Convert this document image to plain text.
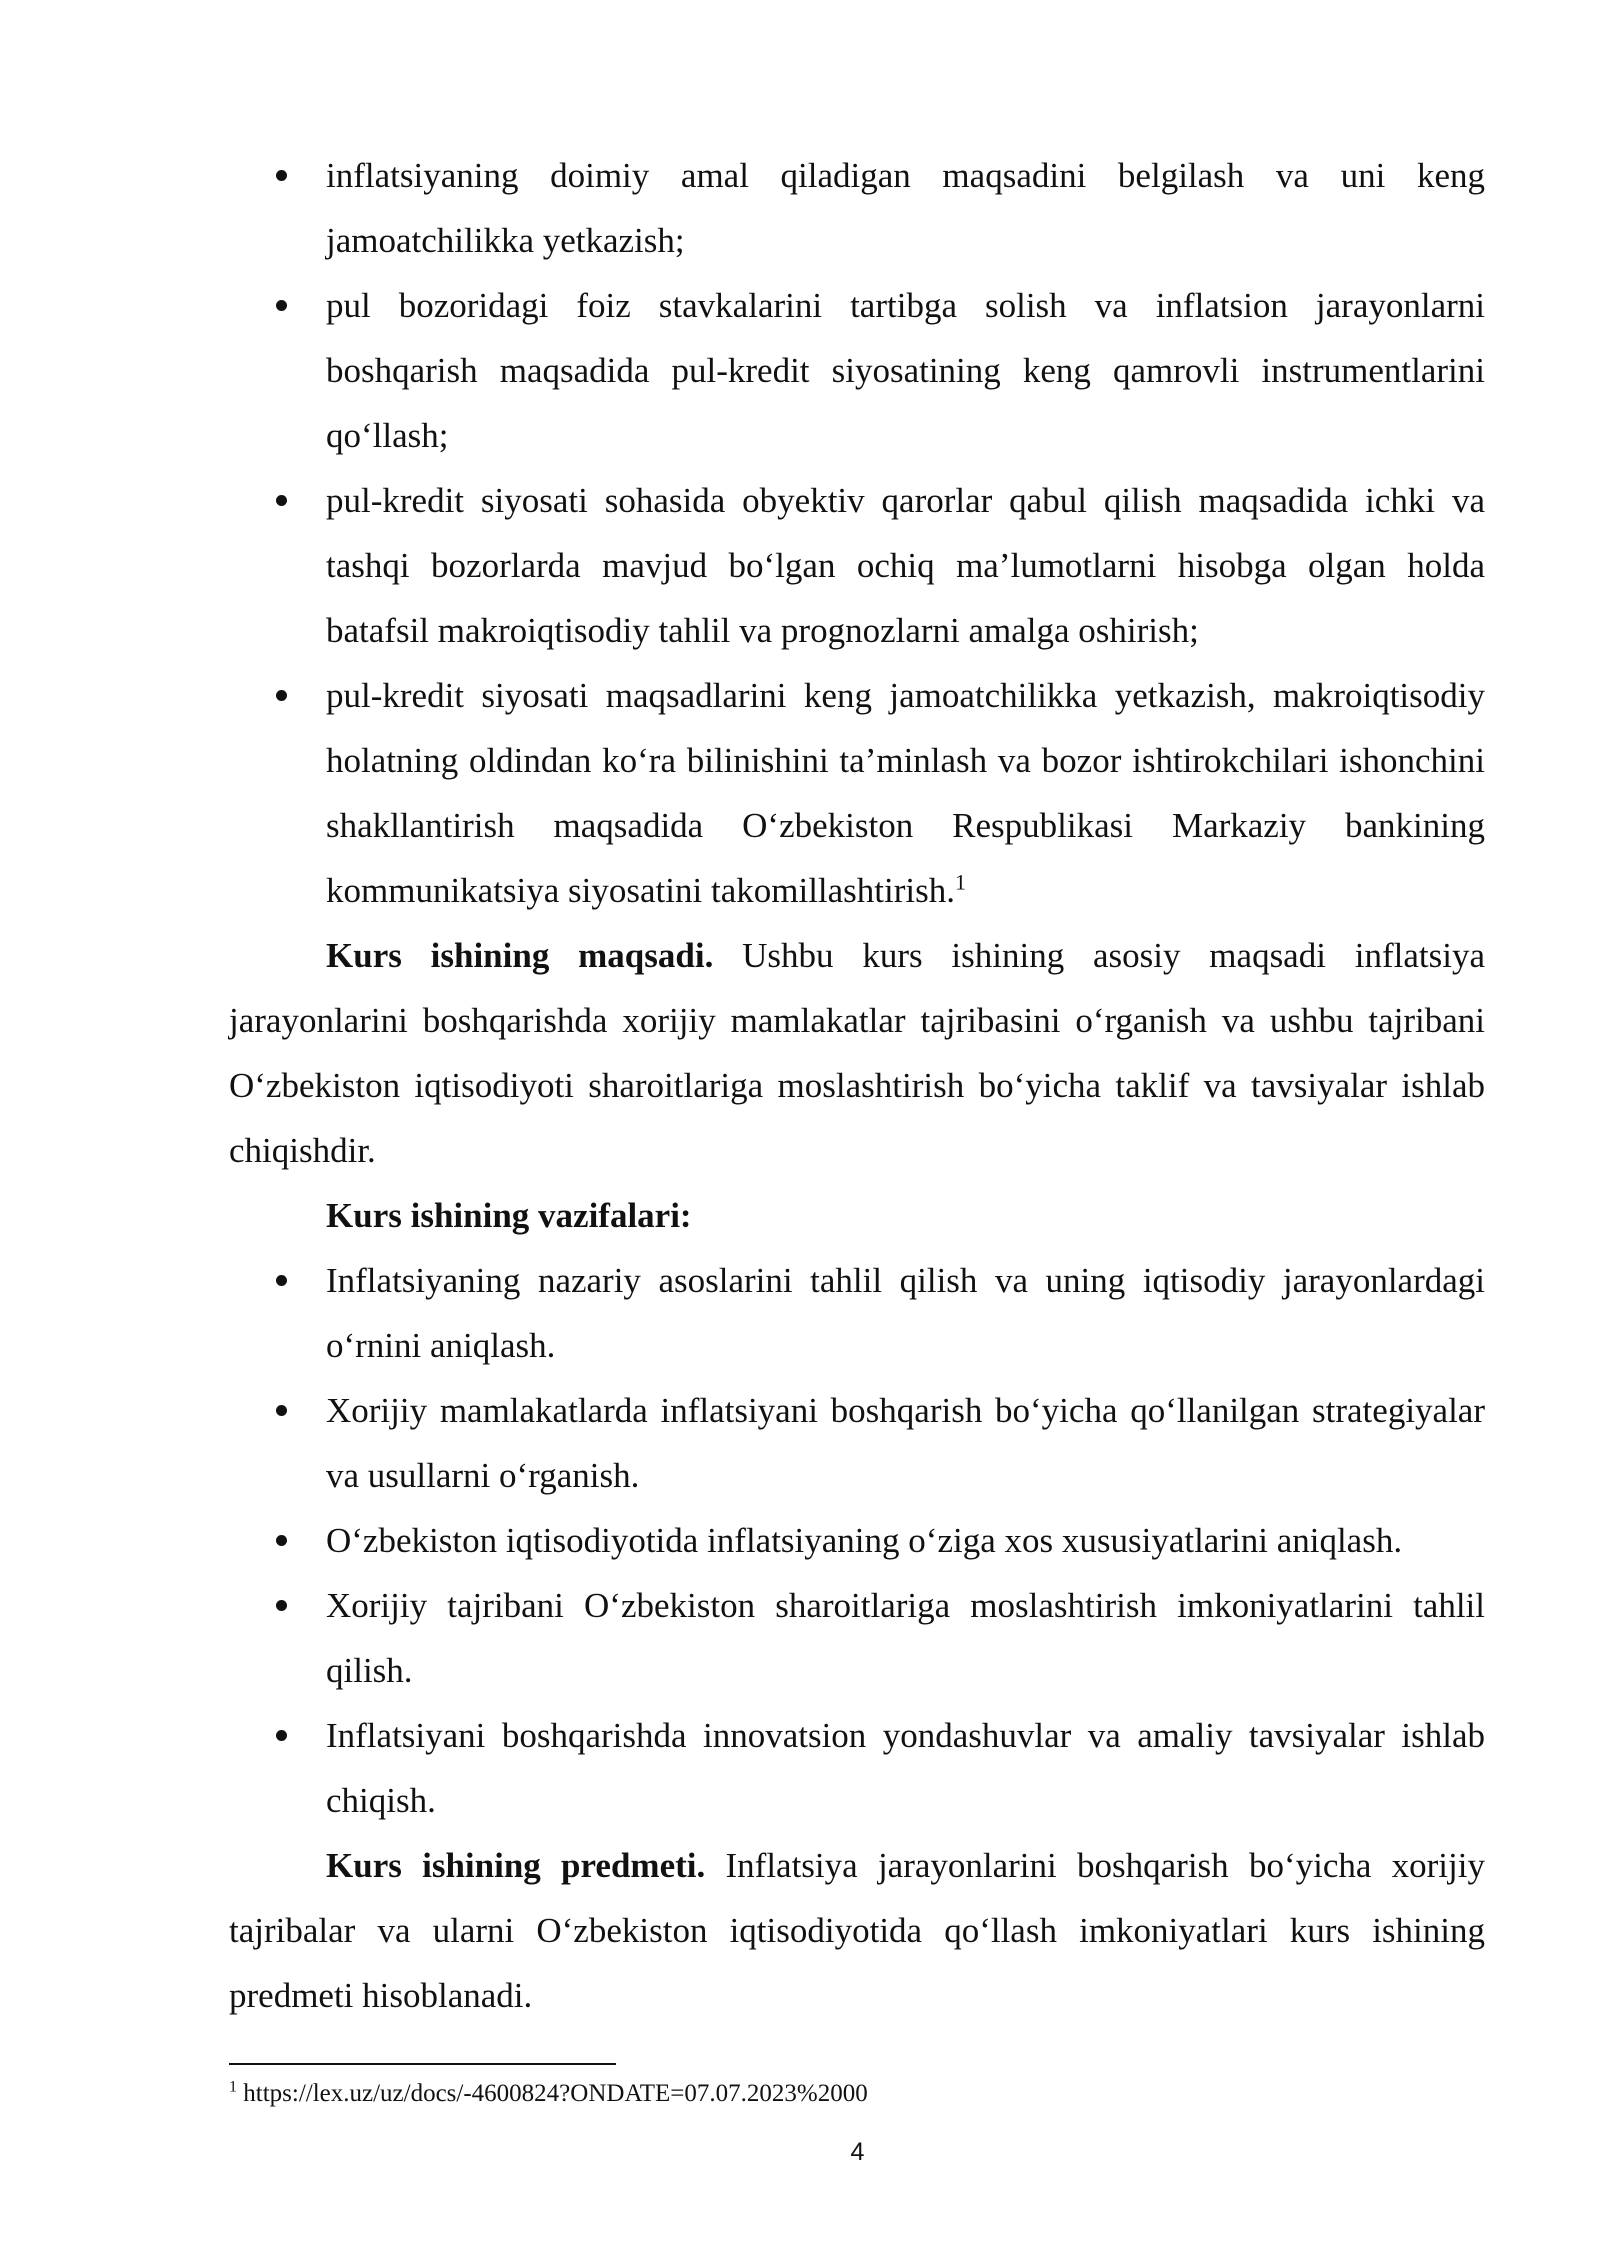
inflatsiyaning doimiy amal qiladigan maqsadini belgilash va uni keng jamoatchilikka yetkazish;
pul bozoridagi foiz stavkalarini tartibga solish va inflatsion jarayonlarni boshqarish maqsadida pul-kredit siyosatining keng qamrovli instrumentlarini qo‘llash;
pul-kredit siyosati sohasida obyektiv qarorlar qabul qilish maqsadida ichki va tashqi bozorlarda mavjud bo‘lgan ochiq ma’lumotlarni hisobga olgan holda batafsil makroiqtisodiy tahlil va prognozlarni amalga oshirish;
pul-kredit siyosati maqsadlarini keng jamoatchilikka yetkazish, makroiqtisodiy holatning oldindan ko‘ra bilinishini ta’minlash va bozor ishtirokchilari ishonchini shakllantirish maqsadida O‘zbekiston Respublikasi Markaziy bankining kommunikatsiya siyosatini takomillashtirish.$^1$

Kurs ishining maqsadi. Ushbu kurs ishining asosiy maqsadi inflatsiya jarayonlarini boshqarishda xorijiy mamlakatlar tajribasini o‘rganish va ushbu tajribani O‘zbekiston iqtisodiyoti sharoitlariga moslashtirish bo‘yicha taklif va tavsiyalar ishlab chiqishdir.

Kurs ishining vazifalari:

Inflatsiyaning nazariy asoslarini tahlil qilish va uning iqtisodiy jarayonlardagi o‘rnini aniqlash.
Xorijiy mamlakatlarda inflatsiyani boshqarish bo‘yicha qo‘llanilgan strategiyalar va usullarni o‘rganish.
O‘zbekiston iqtisodiyotida inflatsiyaning o‘ziga xos xususiyatlarini aniqlash.
Xorijiy tajribani O‘zbekiston sharoitlariga moslashtirish imkoniyatlarini tahlil qilish.
Inflatsiyani boshqarishda innovatsion yondashuvlar va amaliy tavsiyalar ishlab chiqish.

Kurs ishining predmeti. Inflatsiya jarayonlarini boshqarish bo‘yicha xorijiy tajribalar va ularni O‘zbekiston iqtisodiyotida qo‘llash imkoniyatlari kurs ishining predmeti hisoblanadi.

$^1$ https://lex.uz/uz/docs/-4600824?ONDATE=07.07.2023%2000
4
